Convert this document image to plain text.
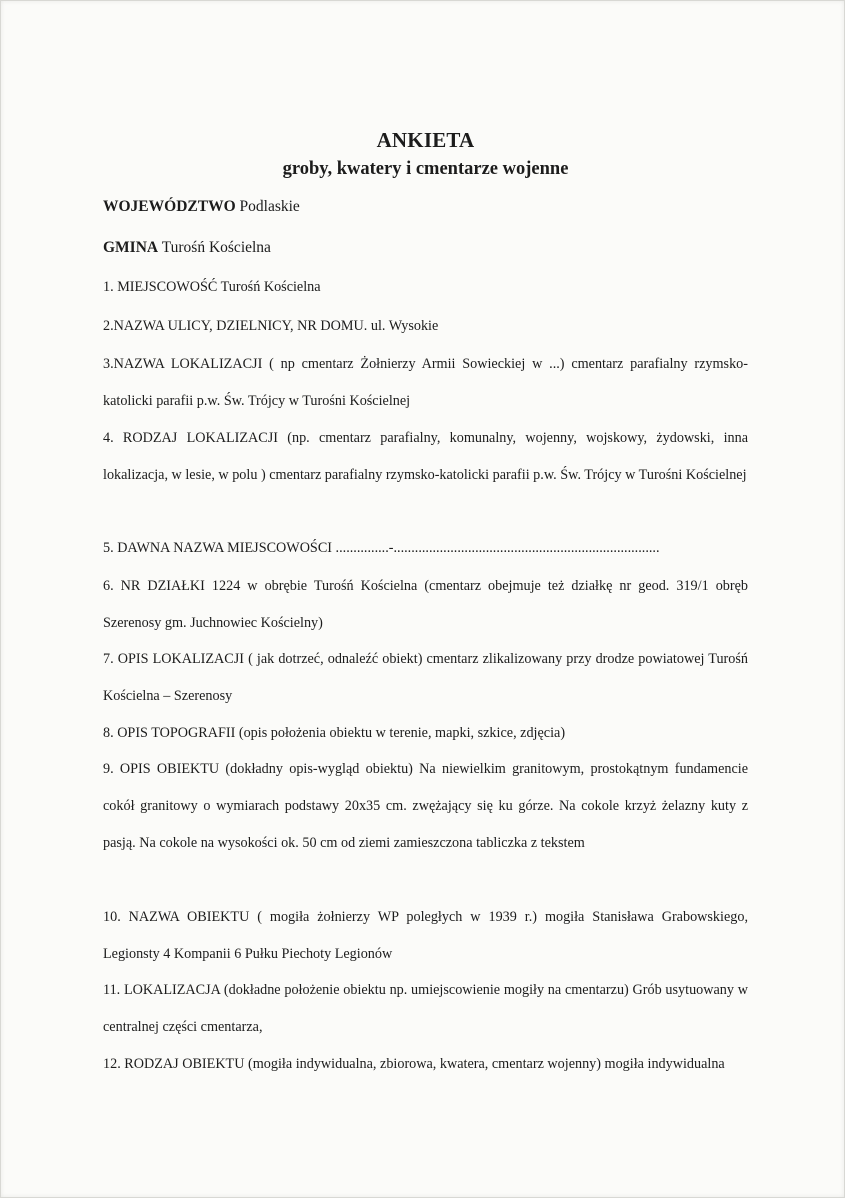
ANKIETA
groby, kwatery i cmentarze wojenne
WOJEWÓDZTWO Podlaskie
GMINA Turośń Kościelna
1. MIEJSCOWOŚĆ Turośń Kościelna
2.NAZWA ULICY, DZIELNICY, NR DOMU. ul. Wysokie
3.NAZWA LOKALIZACJI ( np cmentarz Żołnierzy Armii Sowieckiej w ...) cmentarz parafialny rzymsko-katolicki parafii p.w. Św. Trójcy w Turośni Kościelnej
4. RODZAJ LOKALIZACJI (np. cmentarz parafialny, komunalny, wojenny, wojskowy, żydowski, inna lokalizacja, w lesie, w polu ) cmentarz parafialny rzymsko-katolicki parafii p.w. Św. Trójcy w Turośni Kościelnej
5. DAWNA NAZWA MIEJSCOWOŚCI ...............-...........................................................................
6. NR DZIAŁKI 1224 w obrębie Turośń Kościelna (cmentarz obejmuje też działkę nr geod. 319/1 obręb Szerenosy gm. Juchnowiec Kościelny)
7. OPIS LOKALIZACJI ( jak dotrzeć, odnaleźć obiekt) cmentarz zlikalizowany przy drodze powiatowej Turośń Kościelna – Szerenosy
8. OPIS TOPOGRAFII (opis położenia obiektu w terenie, mapki, szkice, zdjęcia)
9. OPIS OBIEKTU (dokładny opis-wygląd obiektu) Na niewielkim granitowym, prostokątnym fundamencie cokół granitowy o wymiarach podstawy 20x35 cm. zwężający się ku górze. Na cokole krzyż żelazny kuty z pasją. Na cokole na wysokości ok. 50 cm od ziemi zamieszczona tabliczka z tekstem
10. NAZWA OBIEKTU ( mogiła żołnierzy WP poległych w 1939 r.) mogiła Stanisława Grabowskiego, Legionsty 4 Kompanii 6 Pułku Piechoty Legionów
11. LOKALIZACJA (dokładne położenie obiektu np. umiejscowienie mogiły na cmentarzu) Grób usytuowany w centralnej części cmentarza,
12. RODZAJ OBIEKTU (mogiła indywidualna, zbiorowa, kwatera, cmentarz wojenny) mogiła indywidualna
